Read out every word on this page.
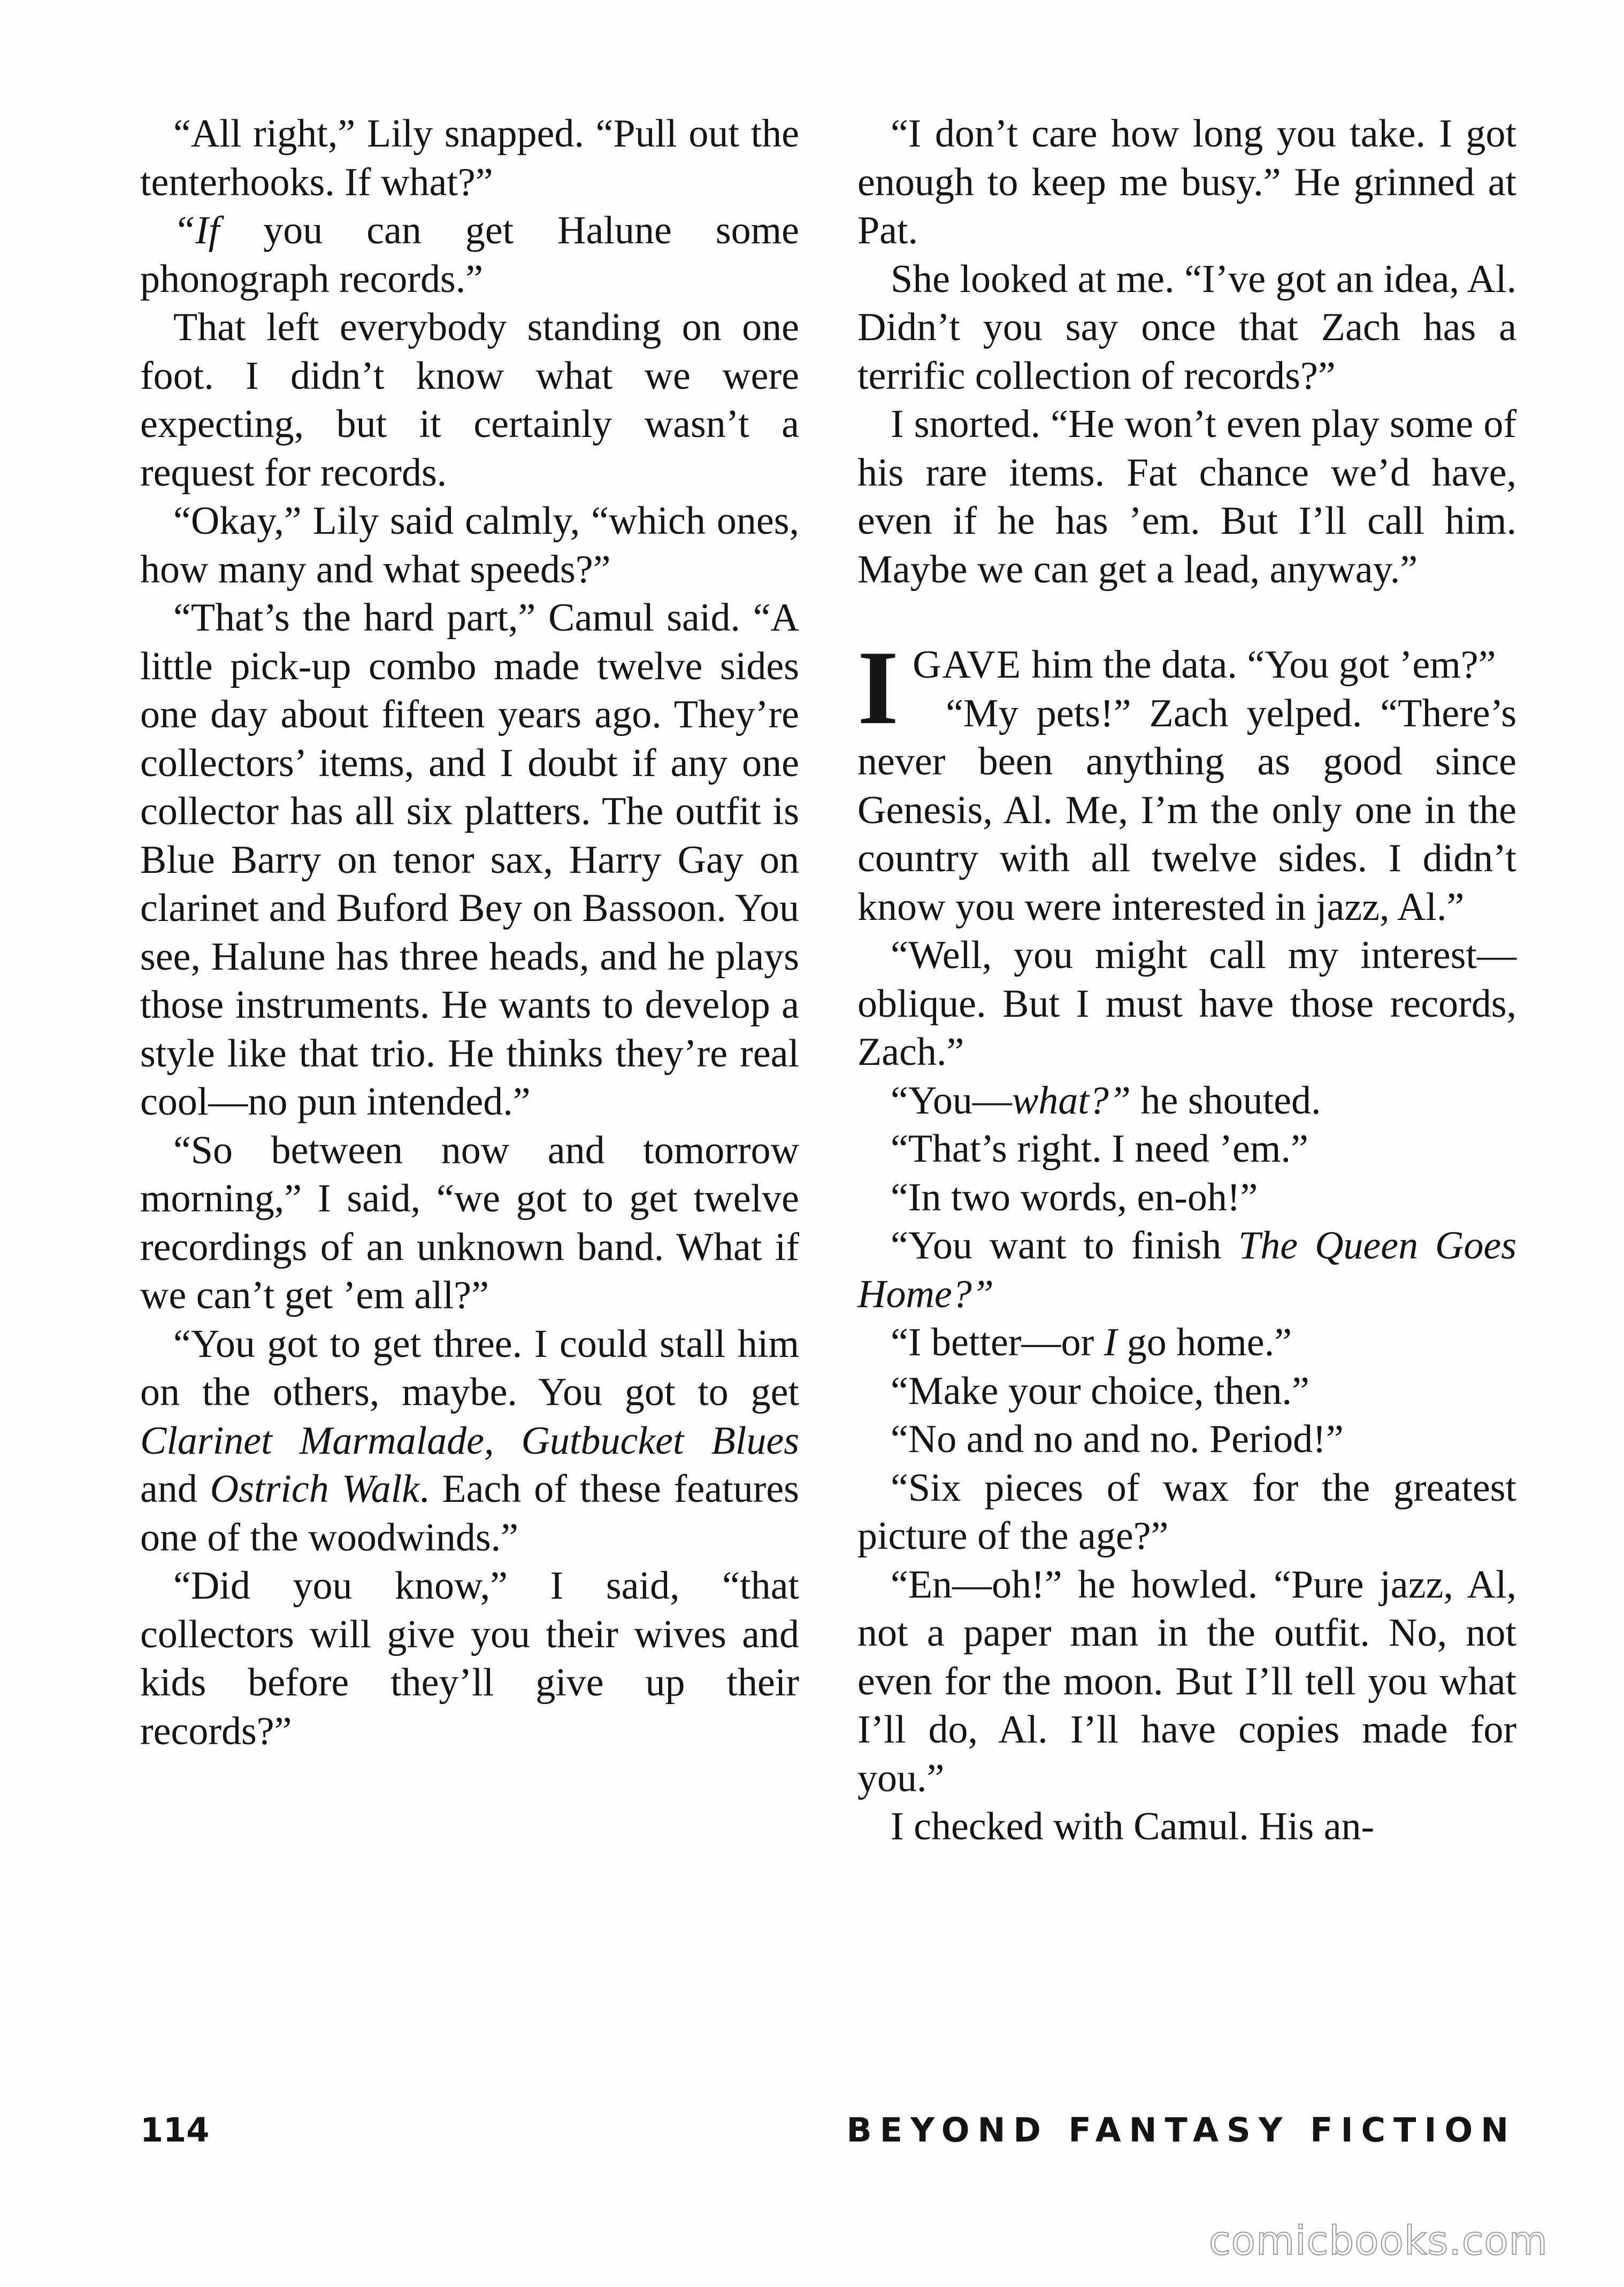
“All right,” Lily snapped. “Pull out the tenterhooks. If what?”

“If you can get Halune some phonograph records.”

That left everybody standing on one foot. I didn’t know what we were expecting, but it certainly wasn’t a request for records.

“Okay,” Lily said calmly, “which ones, how many and what speeds?”

“That’s the hard part,” Camul said. “A little pick-up combo made twelve sides one day about fifteen years ago. They’re collectors’ items, and I doubt if any one collector has all six platters. The outfit is Blue Barry on tenor sax, Harry Gay on clarinet and Buford Bey on Bassoon. You see, Halune has three heads, and he plays those instruments. He wants to develop a style like that trio. He thinks they’re real cool—no pun intended.”

“So between now and tomorrow morning,” I said, “we got to get twelve recordings of an unknown band. What if we can’t get ’em all?”

“You got to get three. I could stall him on the others, maybe. You got to get Clarinet Marmalade, Gutbucket Blues and Ostrich Walk. Each of these features one of the woodwinds.”

“Did you know,” I said, “that collectors will give you their wives and kids before they’ll give up their records?”

“I don’t care how long you take. I got enough to keep me busy.” He grinned at Pat.

She looked at me. “I’ve got an idea, Al. Didn’t you say once that Zach has a terrific collection of records?”

I snorted. “He won’t even play some of his rare items. Fat chance we’d have, even if he has ’em. But I’ll call him. Maybe we can get a lead, anyway.”

IGAVE him the data. “You got ’em?”

“My pets!” Zach yelped. “There’s never been anything as good since Genesis, Al. Me, I’m the only one in the country with all twelve sides. I didn’t know you were interested in jazz, Al.”

“Well, you might call my interest—oblique. But I must have those records, Zach.”

“You—what?” he shouted.

“That’s right. I need ’em.”

“In two words, en-oh!”

“You want to finish The Queen Goes Home?”

“I better—or I go home.”

“Make your choice, then.”

“No and no and no. Period!”

“Six pieces of wax for the greatest picture of the age?”

“En—oh!” he howled. “Pure jazz, Al, not a paper man in the outfit. No, not even for the moon. But I’ll tell you what I’ll do, Al. I’ll have copies made for you.”

I checked with Camul. His an-

114	BEYOND FANTASY FICTION
comicbooks.com
